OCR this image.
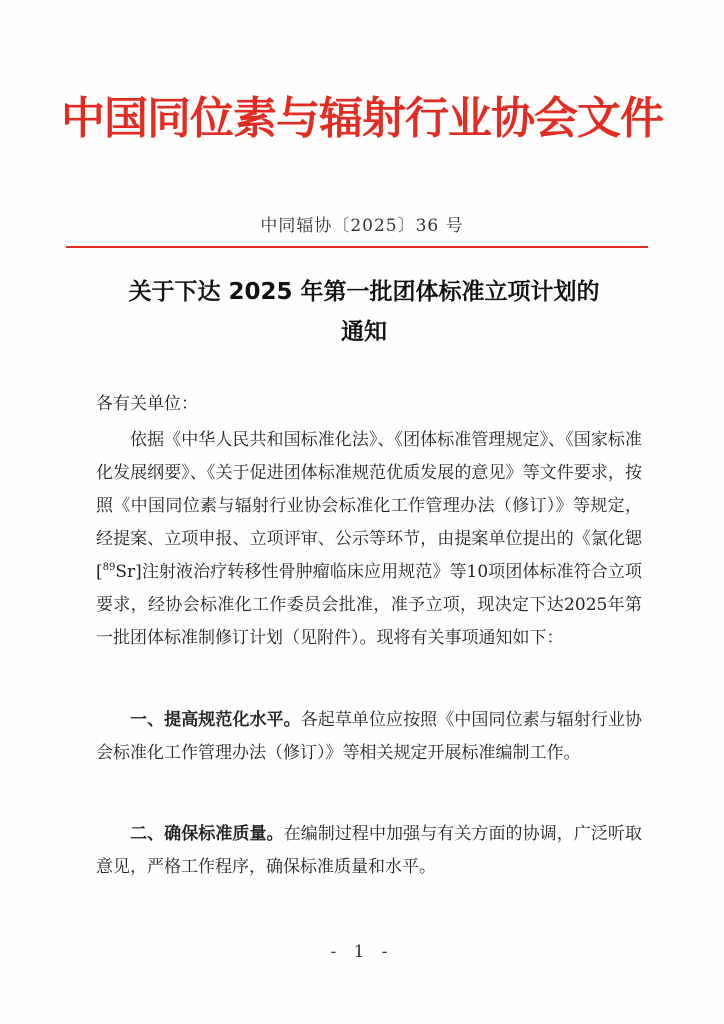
中国同位素与辐射行业协会文件
中同辐协〔2025〕36 号
关于下达 2025 年第一批团体标准立项计划的
通知
各有关单位：
依据《中华人民共和国标准化法》、《团体标准管理规定》、《国家标准化发展纲要》、《关于促进团体标准规范优质发展的意见》等文件要求，按照《中国同位素与辐射行业协会标准化工作管理办法（修订）》等规定，经提案、立项申报、立项评审、公示等环节，由提案单位提出的《氯化锶[$^{89}$Sr]注射液治疗转移性骨肿瘤临床应用规范》等10项团体标准符合立项要求，经协会标准化工作委员会批准，准予立项，现决定下达2025年第一批团体标准制修订计划（见附件）。现将有关事项通知如下：
一、提高规范化水平。各起草单位应按照《中国同位素与辐射行业协会标准化工作管理办法（修订）》等相关规定开展标准编制工作。
二、确保标准质量。在编制过程中加强与有关方面的协调，广泛听取意见，严格工作程序，确保标准质量和水平。
- 1 -
